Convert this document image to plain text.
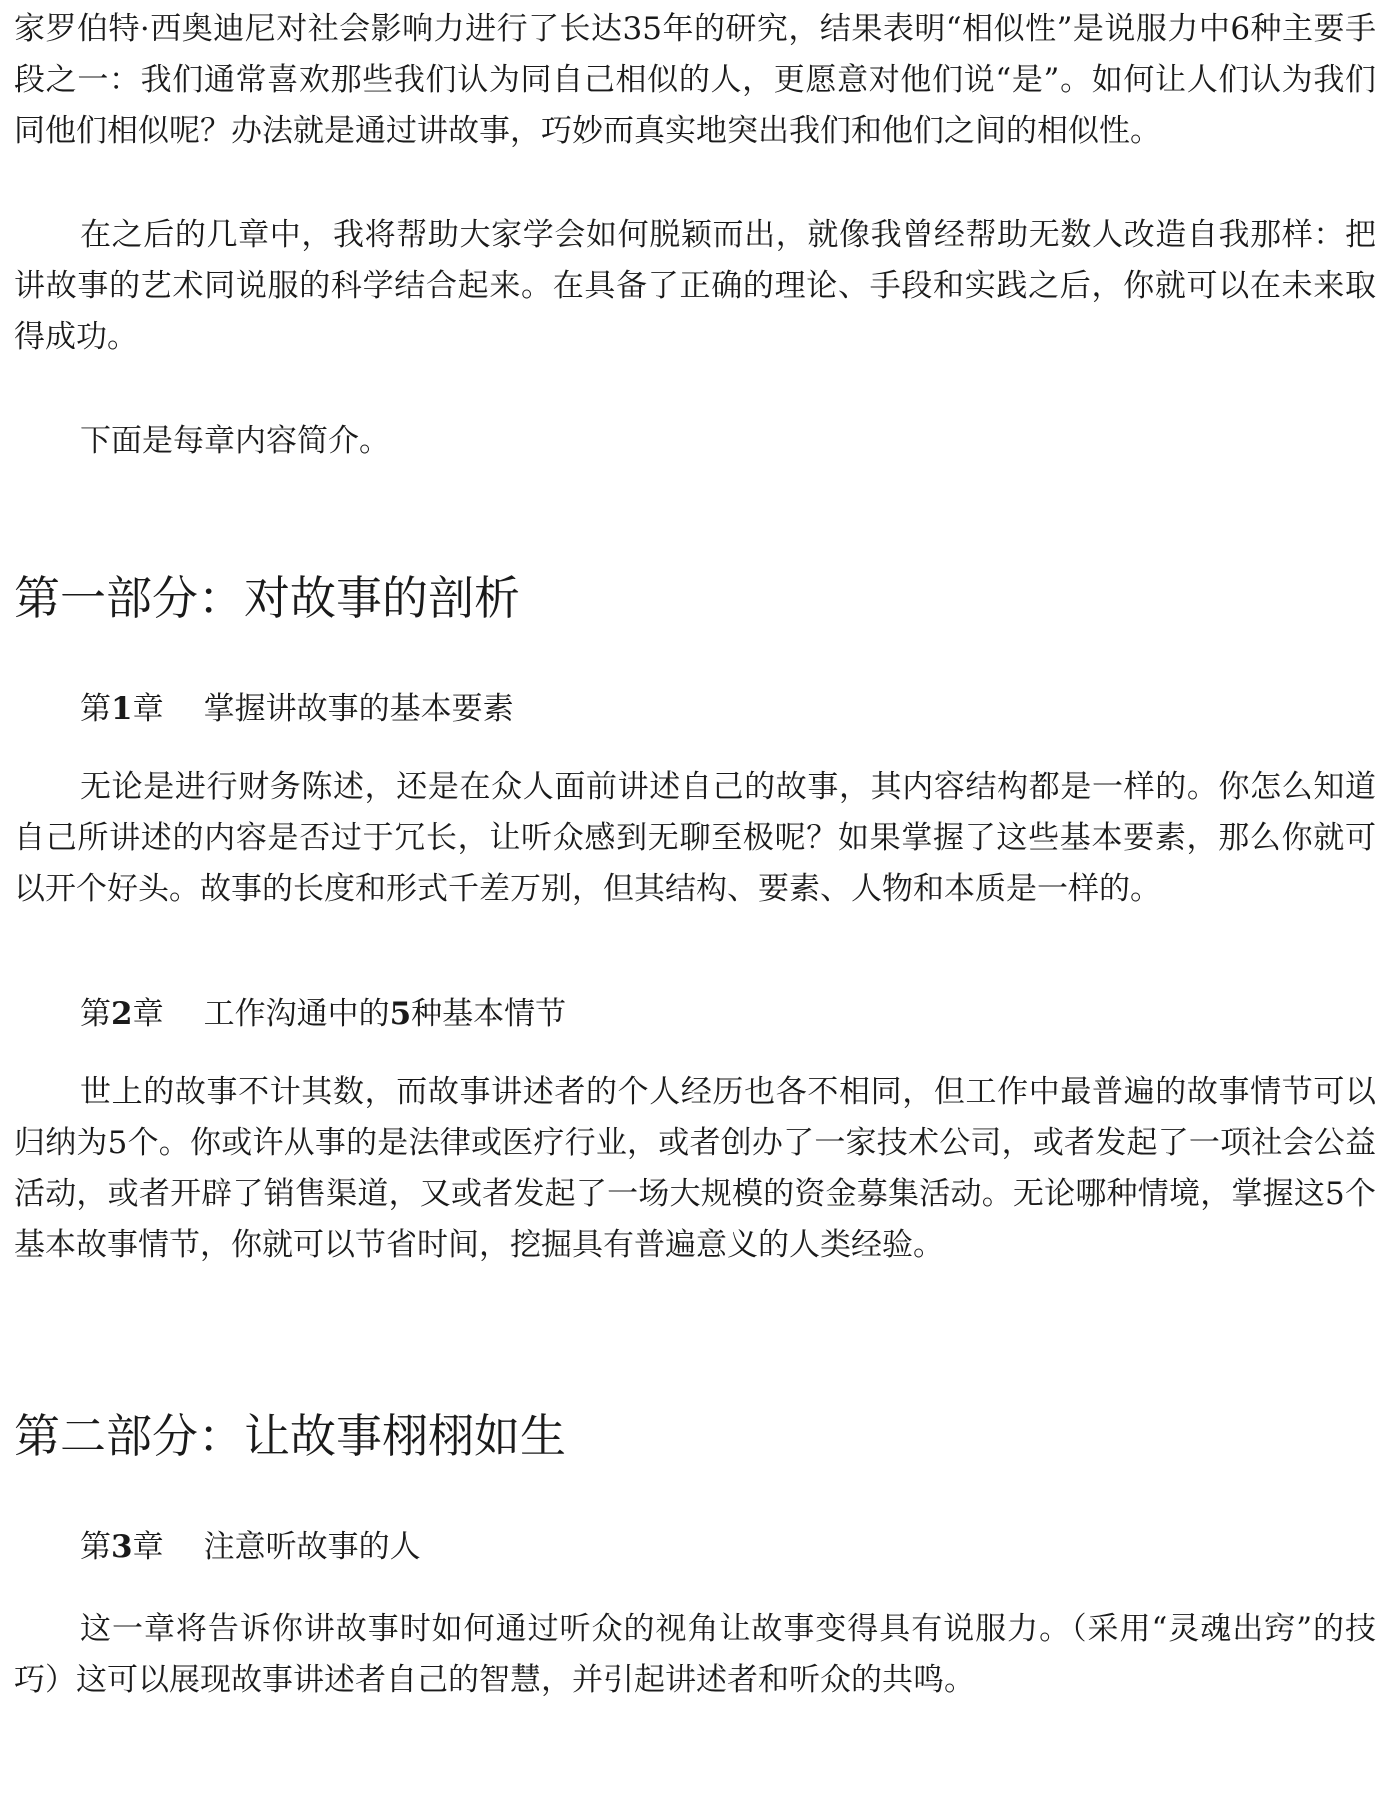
家罗伯特·西奥迪尼对社会影响力进行了长达35年的研究，结果表明“相似性”是说服力中6种主要手段之一：我们通常喜欢那些我们认为同自己相似的人，更愿意对他们说“是”。如何让人们认为我们同他们相似呢？办法就是通过讲故事，巧妙而真实地突出我们和他们之间的相似性。

在之后的几章中，我将帮助大家学会如何脱颖而出，就像我曾经帮助无数人改造自我那样：把讲故事的艺术同说服的科学结合起来。在具备了正确的理论、手段和实践之后，你就可以在未来取得成功。

下面是每章内容简介。

第一部分：对故事的剖析
第1章 掌握讲故事的基本要素

无论是进行财务陈述，还是在众人面前讲述自己的故事，其内容结构都是一样的。你怎么知道自己所讲述的内容是否过于冗长，让听众感到无聊至极呢？如果掌握了这些基本要素，那么你就可以开个好头。故事的长度和形式千差万别，但其结构、要素、人物和本质是一样的。

第2章 工作沟通中的5种基本情节

世上的故事不计其数，而故事讲述者的个人经历也各不相同，但工作中最普遍的故事情节可以归纳为5个。你或许从事的是法律或医疗行业，或者创办了一家技术公司，或者发起了一项社会公益活动，或者开辟了销售渠道，又或者发起了一场大规模的资金募集活动。无论哪种情境，掌握这5个基本故事情节，你就可以节省时间，挖掘具有普遍意义的人类经验。

第二部分：让故事栩栩如生
第3章 注意听故事的人

这一章将告诉你讲故事时如何通过听众的视角让故事变得具有说服力。（采用“灵魂出窍”的技巧）这可以展现故事讲述者自己的智慧，并引起讲述者和听众的共鸣。
